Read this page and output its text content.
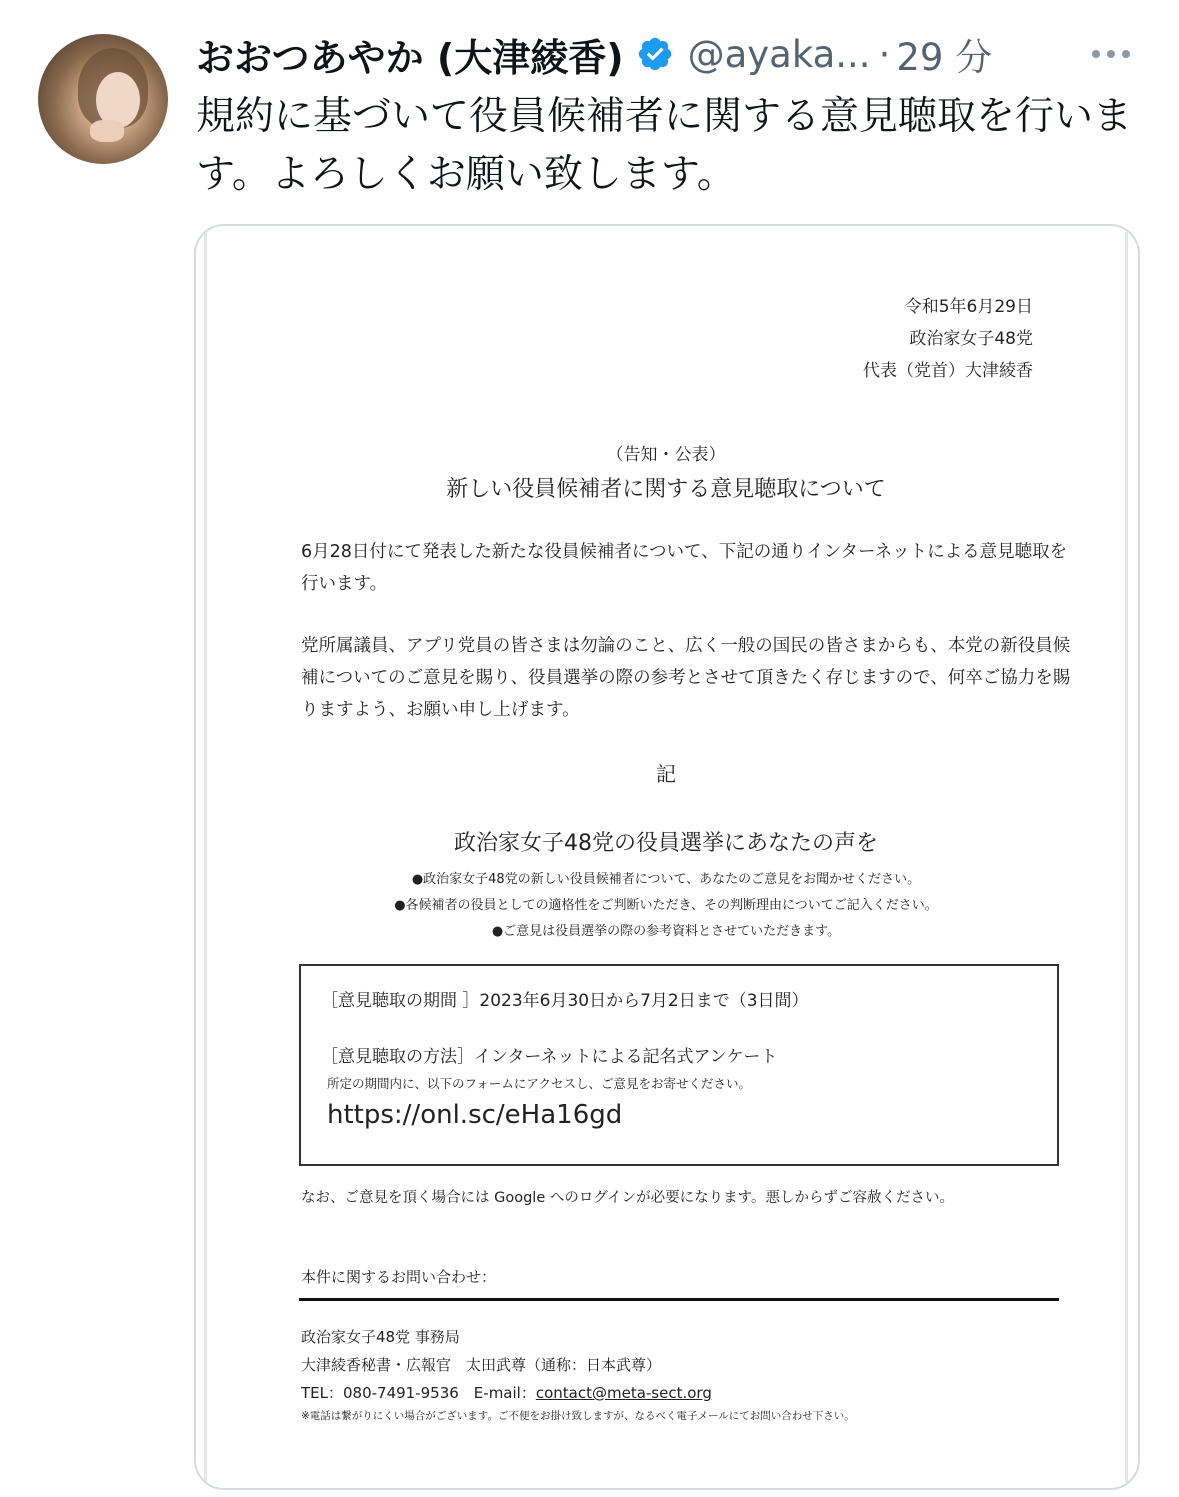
おおつあやか (大津綾香) @ayaka... · 29 分
規約に基づいて役員候補者に関する意見聴取を行います。よろしくお願い致します。
令和5年6月29日
政治家女子48党
代表（党首）大津綾香
（告知・公表）
新しい役員候補者に関する意見聴取について
6月28日付にて発表した新たな役員候補者について、下記の通りインターネットによる意見聴取を行います。
党所属議員、アプリ党員の皆さまは勿論のこと、広く一般の国民の皆さまからも、本党の新役員候補についてのご意見を賜り、役員選挙の際の参考とさせて頂きたく存じますので、何卒ご協力を賜りますよう、お願い申し上げます。
記
政治家女子48党の役員選挙にあなたの声を
●政治家女子48党の新しい役員候補者について、あなたのご意見をお聞かせください。
●各候補者の役員としての適格性をご判断いただき、その判断理由についてご記入ください。
●ご意見は役員選挙の際の参考資料とさせていただきます。
［意見聴取の期間 ］2023年6月30日から7月2日まで（3日間）
［意見聴取の方法］インターネットによる記名式アンケート
所定の期間内に、以下のフォームにアクセスし、ご意見をお寄せください。
https://onl.sc/eHa16gd
なお、ご意見を頂く場合には Google へのログインが必要になります。悪しからずご容赦ください。
本件に関するお問い合わせ：
政治家女子48党 事務局
大津綾香秘書・広報官　太田武尊（通称：日本武尊）
TEL：080-7491-9536　E-mail：contact@meta-sect.org
※電話は繋がりにくい場合がございます。ご不便をお掛け致しますが、なるべく電子メールにてお問い合わせ下さい。
